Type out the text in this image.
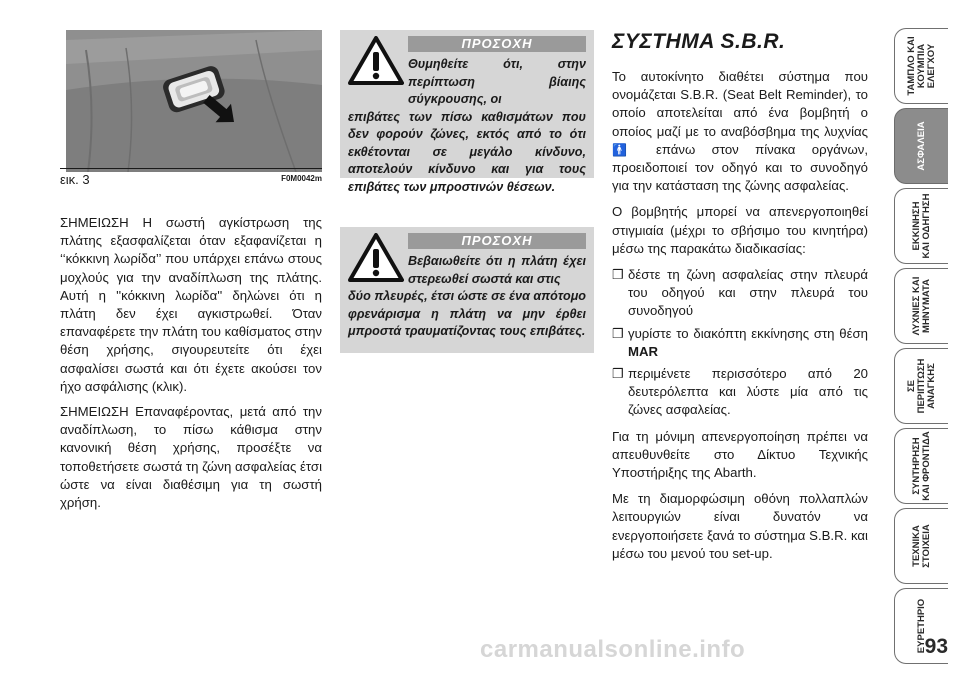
εικ. 3	F0M0042m

ΣΗΜΕΙΩΣΗ Η σωστή αγκίστρωση της πλάτης εξασφαλίζεται όταν εξαφανίζεται η ‘‘κόκκινη λωρίδα’’ που υπάρχει επάνω στους μοχλούς για την αναδίπλωση της πλάτης. Αυτή η ''κόκκινη λωρίδα'' δηλώνει ότι η πλάτη δεν έχει αγκιστρωθεί. Όταν επαναφέρετε την πλάτη του καθίσματος στην θέση χρήσης, σιγουρευτείτε ότι έχει ασφαλίσει σωστά και ότι έχετε ακούσει τον ήχο ασφάλισης (κλικ).

ΣΗΜΕΙΩΣΗ Επαναφέροντας, μετά από την αναδίπλωση, το πίσω κάθισμα στην κανονική θέση χρήσης, προσέξτε να τοποθετήσετε σωστά τη ζώνη ασφαλείας έτσι ώστε να είναι διαθέσιμη για τη σωστή χρήση.

ΠΡΟΣΟΧΗ
Θυμηθείτε ότι, στην περίπτωση βίαιης σύγκρουσης, οι
επιβάτες των πίσω καθισμάτων που δεν φορούν ζώνες, εκτός από το ότι εκθέτονται σε μεγάλο κίνδυνο, αποτελούν κίνδυνο και για τους επιβάτες των μπροστινών θέσεων.
ΠΡΟΣΟΧΗ
Βεβαιωθείτε ότι η πλάτη έχει στερεωθεί σωστά και στις
δύο πλευρές, έτσι ώστε σε ένα απότομο φρενάρισμα η πλάτη να μην έρθει μπροστά τραυματίζοντας τους επιβάτες.
ΣΥΣΤΗΜΑ S.B.R.

Το αυτοκίνητο διαθέτει σύστημα που ονομάζεται S.B.R. (Seat Belt Reminder), το οποίο αποτελείται από ένα βομβητή ο οποίος μαζί με το αναβόσβημα της λυχνίας 🚹 επάνω στον πίνακα οργάνων, προειδοποιεί τον οδηγό και το συνοδηγό για την κατάσταση της ζώνης ασφαλείας.

Ο βομβητής μπορεί να απενεργοποιηθεί στιγμιαία (μέχρι το σβήσιμο του κινητήρα) μέσω της παρακάτω διαδικασίας:

❒ δέστε τη ζώνη ασφαλείας στην πλευρά του οδηγού και στην πλευρά του συνοδηγού
❒ γυρίστε το διακόπτη εκκίνησης στη θέση MAR
❒ περιμένετε περισσότερο από 20 δευτερόλεπτα και λύστε μία από τις ζώνες ασφαλείας.

Για τη μόνιμη απενεργοποίηση πρέπει να απευθυνθείτε στο Δίκτυο Τεχνικής Υποστήριξης της Abarth.

Με τη διαμορφώσιμη οθόνη πολλαπλών λειτουργιών είναι δυνατόν να ενεργοποιήσετε ξανά το σύστημα S.B.R. και μέσω του μενού του set-up.

ΤΑΜΠΛΟ ΚΑΙ
ΚΟΥΜΠΙΑ
ΕΛΕΓΧΟΥ
ΑΣΦΑΛΕΙΑ
ΕΚΚΙΝΗΣΗ
ΚΑΙ ΟΔΗΓΗΣΗ
ΛΥΧΝΙΕΣ ΚΑΙ
ΜΗΝΥΜΑΤΑ
ΣΕ
ΠΕΡΙΠΤΩΣΗ
ΑΝΑΓΚΗΣ
ΣΥΝΤΗΡΗΣΗ
ΚΑΙ ΦΡΟΝΤΙΔΑ
ΤΕΧΝΙΚΑ
ΣΤΟΙΧΕΙΑ
ΕΥΡΕΤΗΡΙΟ
93
carmanualsonline.info
